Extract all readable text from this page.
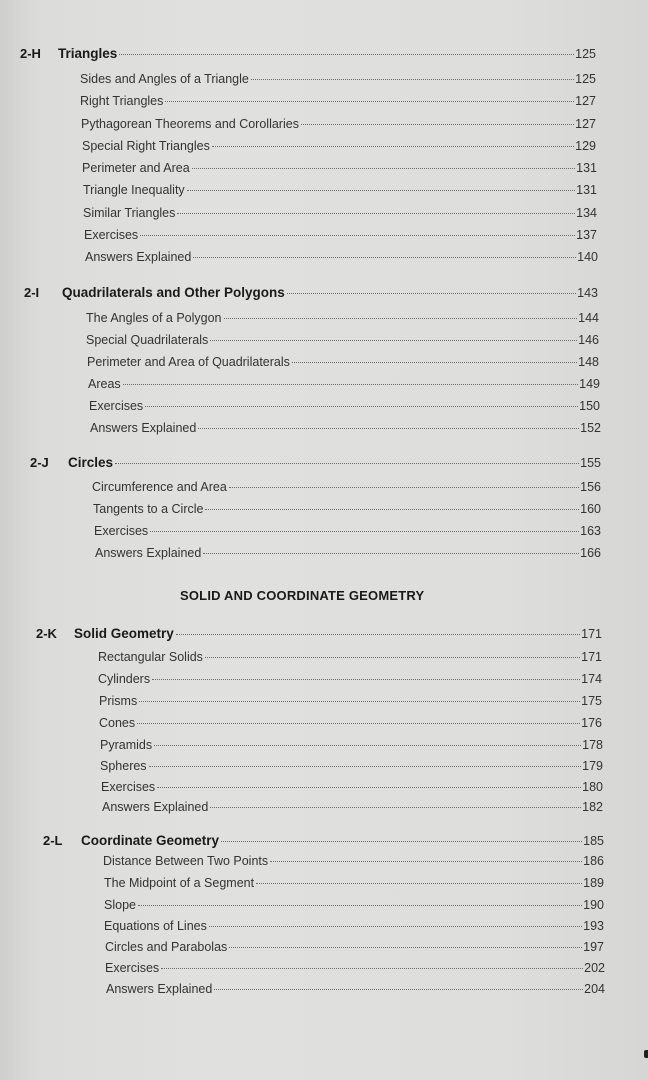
2-H	Triangles	125
Sides and Angles of a Triangle	125
Right Triangles	127
Pythagorean Theorems and Corollaries	127
Special Right Triangles	129
Perimeter and Area	131
Triangle Inequality	131
Similar Triangles	134
Exercises	137
Answers Explained	140
2-I	Quadrilaterals and Other Polygons	143
The Angles of a Polygon	144
Special Quadrilaterals	146
Perimeter and Area of Quadrilaterals	148
Areas	149
Exercises	150
Answers Explained	152
2-J	Circles	155
Circumference and Area	156
Tangents to a Circle	160
Exercises	163
Answers Explained	166
SOLID AND COORDINATE GEOMETRY
2-K	Solid Geometry	171
Rectangular Solids	171
Cylinders	174
Prisms	175
Cones	176
Pyramids	178
Spheres	179
Exercises	180
Answers Explained	182
2-L	Coordinate Geometry	185
Distance Between Two Points	186
The Midpoint of a Segment	189
Slope	190
Equations of Lines	193
Circles and Parabolas	197
Exercises	202
Answers Explained	204
